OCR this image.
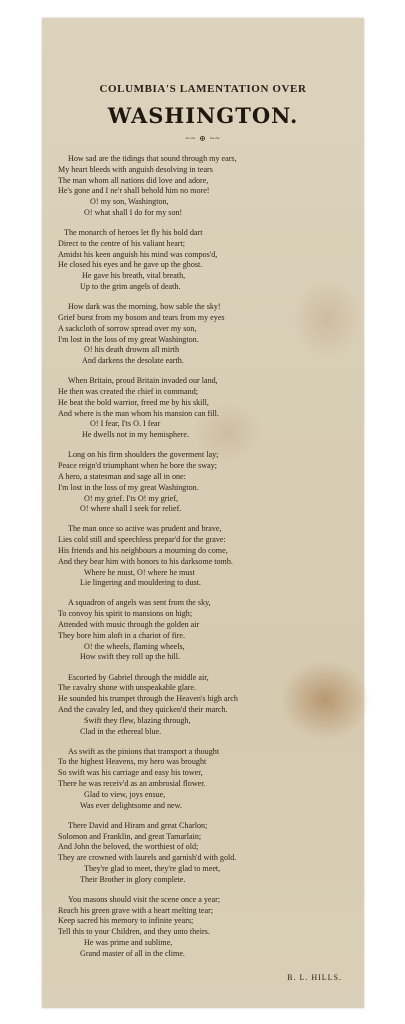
COLUMBIA'S LAMENTATION OVER
WASHINGTON.
~~ ⊕ ~~
How sad are the tidings that sound through my ears,
My heart bleeds with anguish desolving in tears
The man whom all nations did love and adore,
He's gone and I ne'r shall behold him no more!
O! my son, Washington,
O! what shall I do for my son!
The monarch of heroes let fly his bold dart
Direct to the centre of his valiant heart;
Amidst his keen anguish his mind was compos'd,
He closed his eyes and he gave up the ghost.
He gave his breath, vital breath,
Up to the grim angels of death.
How dark was the morning, how sable the sky!
Grief burst from my bosom and tears from my eyes
A sackcloth of sorrow spread over my son,
I'm lost in the loss of my great Washington.
O! his death drowns all mirth
And darkens the desolate earth.
When Britain, proud Britain invaded our land,
He then was created the chief in command;
He beat the bold warrior, freed me by his skill,
And where is the man whom his mansion can fill.
O! I fear, I'ts O. I fear
He dwells not in my hemisphere.
Long on his firm shoulders the goverment lay;
Peace reign'd triumphant when he bore the sway;
A hero, a statesman and sage all in one:
I'm lost in the loss of my great Washington.
O! my grief. I'ts O! my grief,
O! where shall I seek for relief.
The man once so active was prudent and brave,
Lies cold still and speechless prepar'd for the grave:
His friends and his neighbours a mourning do come,
And they bear him with honors to his darksome tomb.
Where he must, O! where he must
Lie lingering and mouldering to dust.
A squadron of angels was sent from the sky,
To convoy his spirit to mansions on high;
Attended with music through the golden air
They bore him aloft in a chariot of fire.
O! the wheels, flaming wheels,
How swift they roll up the hill.
Escorted by Gabriel through the middle air,
The cavalry shone with unspeakable glare.
He sounded his trumpet through the Heaven's high arch
And the cavalry led, and they quicken'd their march.
Swift they flew, blazing through,
Clad in the ethereal blue.
As swift as the pinions that transport a thought
To the highest Heavens, my hero was brought
So swift was his carriage and easy his tower,
There he was receiv'd as an ambrosial flower.
Glad to view, joys ensue,
Was ever delightsome and new.
There David and Hiram and great Charlon;
Solomon and Franklin, and great Tamarlain;
And John the beloved, the worthiest of old;
They are crowned with laurels and garnish'd with gold.
They're glad to meet, they're glad to meet,
Their Brother in glory complete.
You masons should visit the scene once a year;
Reach his green grave with a heart melting tear;
Keep sacred his memory to infinite years;
Tell this to your Children, and they unto theirs.
He was prime and sublime,
Grand master of all in the clime.
B. L. HILLS.
